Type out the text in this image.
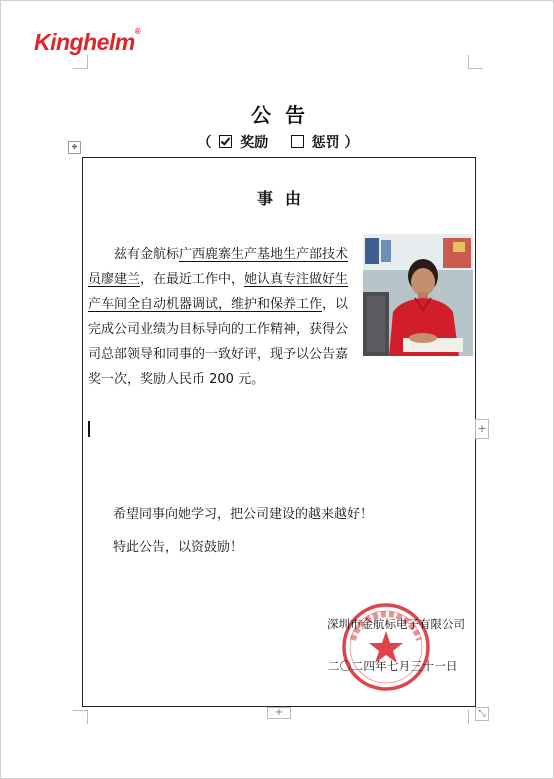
Kinghelm®
公告
（ 奖励	惩罚 ）
✥
事由
兹有金航标广西鹿寨生产基地生产部技术员廖建兰，在最近工作中，她认真专注做好生产车间全自动机器调试，维护和保养工作，以完成公司业绩为目标导向的工作精神，获得公司总部领导和同事的一致好评，现予以公告嘉奖一次，奖励人民币 200 元。
希望同事向她学习，把公司建设的越来越好！
特此公告，以资鼓励！
深圳市金航标电子有限公司
二〇二四年七月三十一日
+
+	⤡
